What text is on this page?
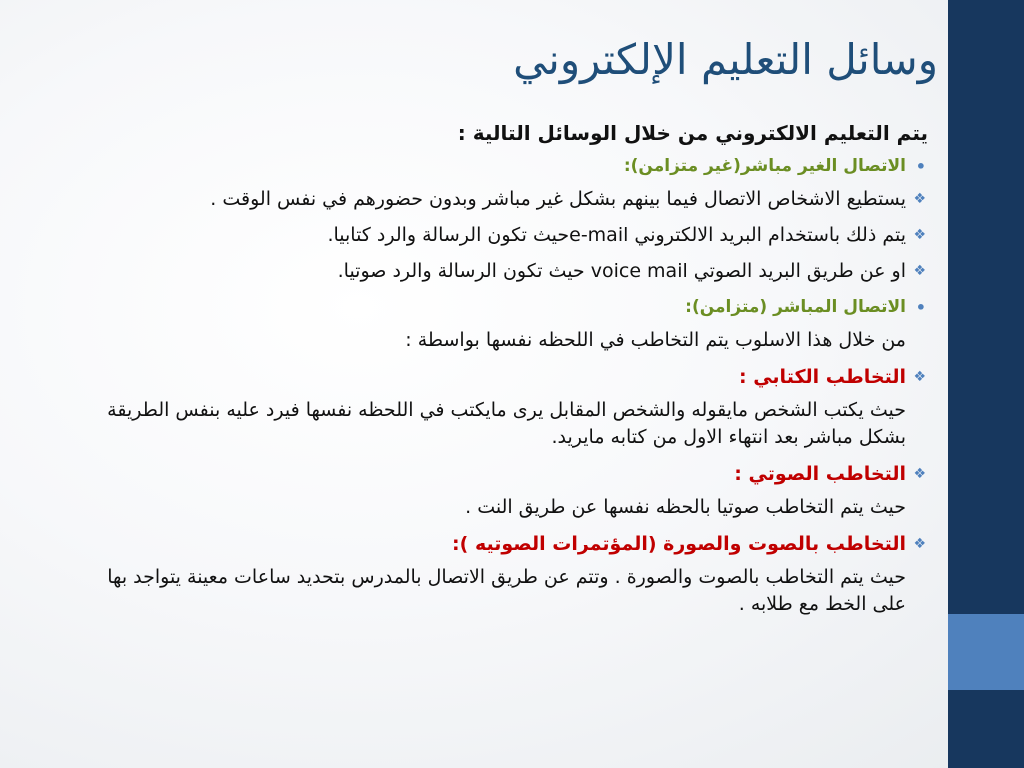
وسائل التعليم الإلكتروني

يتم التعليم الالكتروني من خلال الوسائل التالية :

•
الاتصال الغير مباشر(غير متزامن):

❖
يستطيع الاشخاص الاتصال فيما بينهم بشكل غير مباشر وبدون حضورهم في نفس الوقت .

❖
يتم ذلك باستخدام البريد الالكتروني e-mailحيث تكون الرسالة والرد كتابيا.

❖
او عن طريق البريد الصوتي voice mail حيث تكون الرسالة والرد صوتيا.

•
الاتصال المباشر (متزامن):

من خلال هذا الاسلوب يتم التخاطب في اللحظه نفسها بواسطة :

❖
التخاطب الكتابي :

حيث يكتب الشخص مايقوله والشخص المقابل يرى مايكتب في اللحظه نفسها فيرد عليه بنفس الطريقة بشكل مباشر بعد انتهاء الاول من كتابه مايريد.

❖
التخاطب الصوتي :

حيث يتم التخاطب صوتيا بالحظه نفسها عن طريق النت .

❖
التخاطب بالصوت والصورة (المؤتمرات الصوتيه ):

حيث يتم التخاطب بالصوت والصورة . وتتم عن طريق الاتصال بالمدرس بتحديد ساعات معينة يتواجد بها على الخط مع طلابه .
